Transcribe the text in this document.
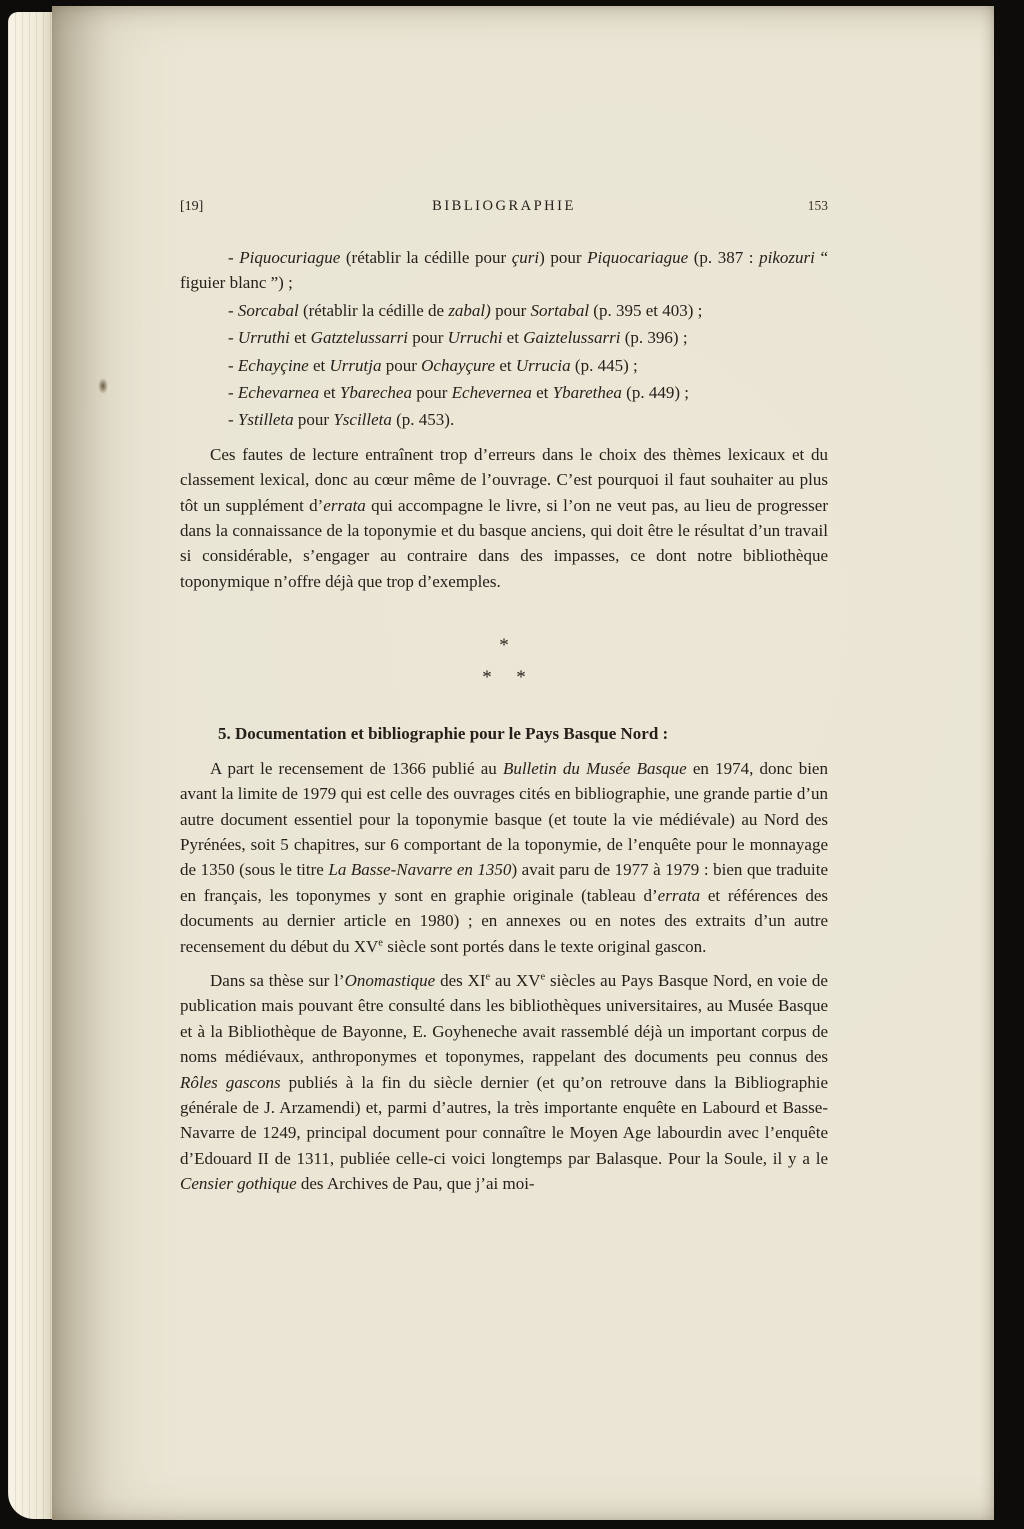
[19]	BIBLIOGRAPHIE	153

- Piquocuriague (rétablir la cédille pour çuri) pour Piquocariague (p. 387 : pikozuri “ figuier blanc ”) ;

- Sorcabal (rétablir la cédille de zabal) pour Sortabal (p. 395 et 403) ;

- Urruthi et Gatztelussarri pour Urruchi et Gaiztelussarri (p. 396) ;

- Echayçine et Urrutja pour Ochayçure et Urrucia (p. 445) ;

- Echevarnea et Ybarechea pour Echevernea et Ybarethea (p. 449) ;

- Ystilleta pour Yscilleta (p. 453).

Ces fautes de lecture entraînent trop d’erreurs dans le choix des thèmes lexicaux et du classement lexical, donc au cœur même de l’ouvrage. C’est pourquoi il faut souhaiter au plus tôt un supplément d’errata qui accompagne le livre, si l’on ne veut pas, au lieu de progresser dans la connaissance de la toponymie et du basque anciens, qui doit être le résultat d’un travail si considérable, s’engager au contraire dans des impasses, ce dont notre bibliothèque toponymique n’offre déjà que trop d’exemples.

*
* *

5. Documentation et bibliographie pour le Pays Basque Nord :

A part le recensement de 1366 publié au Bulletin du Musée Basque en 1974, donc bien avant la limite de 1979 qui est celle des ouvrages cités en bibliographie, une grande partie d’un autre document essentiel pour la toponymie basque (et toute la vie médiévale) au Nord des Pyrénées, soit 5 chapitres, sur 6 comportant de la toponymie, de l’enquête pour le monnayage de 1350 (sous le titre La Basse-Navarre en 1350) avait paru de 1977 à 1979 : bien que traduite en français, les toponymes y sont en graphie originale (tableau d’errata et références des documents au dernier article en 1980) ; en annexes ou en notes des extraits d’un autre recensement du début du XVe siècle sont portés dans le texte original gascon.

Dans sa thèse sur l’Onomastique des XIe au XVe siècles au Pays Basque Nord, en voie de publication mais pouvant être consulté dans les bibliothèques universitaires, au Musée Basque et à la Bibliothèque de Bayonne, E. Goyheneche avait rassemblé déjà un important corpus de noms médiévaux, anthroponymes et toponymes, rappelant des documents peu connus des Rôles gascons publiés à la fin du siècle dernier (et qu’on retrouve dans la Bibliographie générale de J. Arzamendi) et, parmi d’autres, la très importante enquête en Labourd et Basse-Navarre de 1249, principal document pour connaître le Moyen Age labourdin avec l’enquête d’Edouard II de 1311, publiée celle-ci voici longtemps par Balasque. Pour la Soule, il y a le Censier gothique des Archives de Pau, que j’ai moi-
